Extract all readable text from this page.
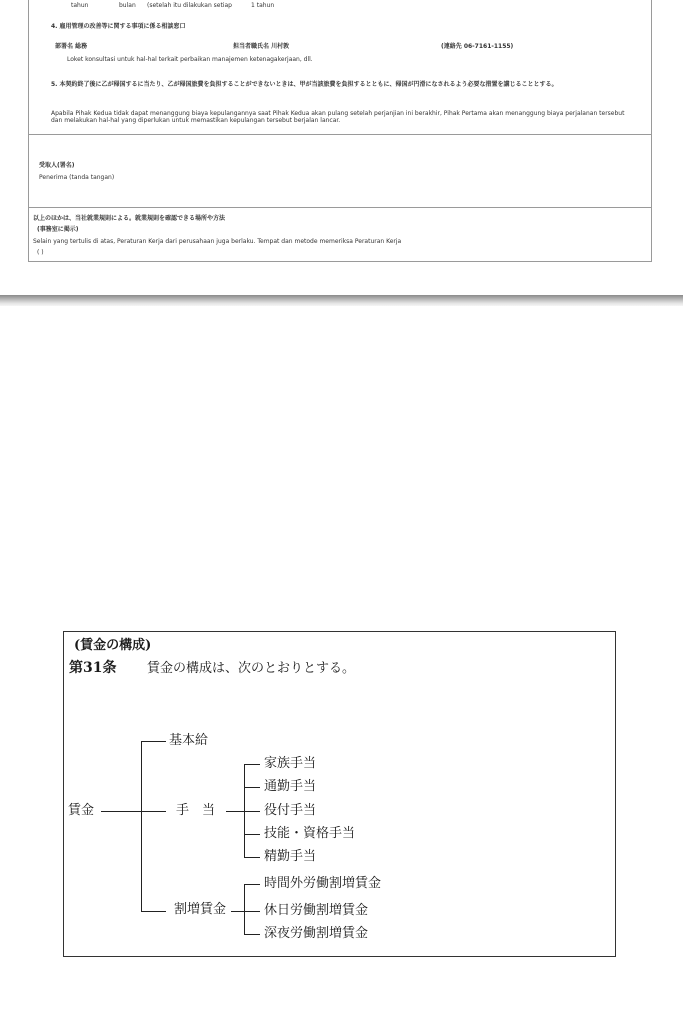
tahun	bulan (setelah itu dilakukan setiap	1 tahun
4. 雇用管理の改善等に関する事項に係る相談窓口
部署名 総務	担当者職氏名 川村敦	(連絡先 06-7161-1155)
Loket konsultasi untuk hal-hal terkait perbaikan manajemen ketenagakerjaan, dll.
5. 本契約終了後に乙が帰国するに当たり、乙が帰国旅費を負担することができないときは、甲が当該旅費を負担するとともに、帰国が円滑になされるよう必要な措置を講じることとする。
Apabila Pihak Kedua tidak dapat menanggung biaya kepulangannya saat Pihak Kedua akan pulang setelah perjanjian ini berakhir, Pihak Pertama akan menanggung biaya perjalanan tersebut dan melakukan hal-hal yang diperlukan untuk memastikan kepulangan tersebut berjalan lancar.
受取人(署名)
Penerima (tanda tangan)
以上のほかは、当社就業規則による。就業規則を確認できる場所や方法
(事務室に掲示)
Selain yang tertulis di atas, Peraturan Kerja dari perusahaan juga berlaku. Tempat dan metode memeriksa Peraturan Kerja
( )
(賃金の構成)
第31条 賃金の構成は、次のとおりとする。
賃金
基本給
手　当
割増賃金
家族手当
通勤手当
役付手当
技能・資格手当
精勤手当
時間外労働割増賃金
休日労働割増賃金
深夜労働割増賃金
